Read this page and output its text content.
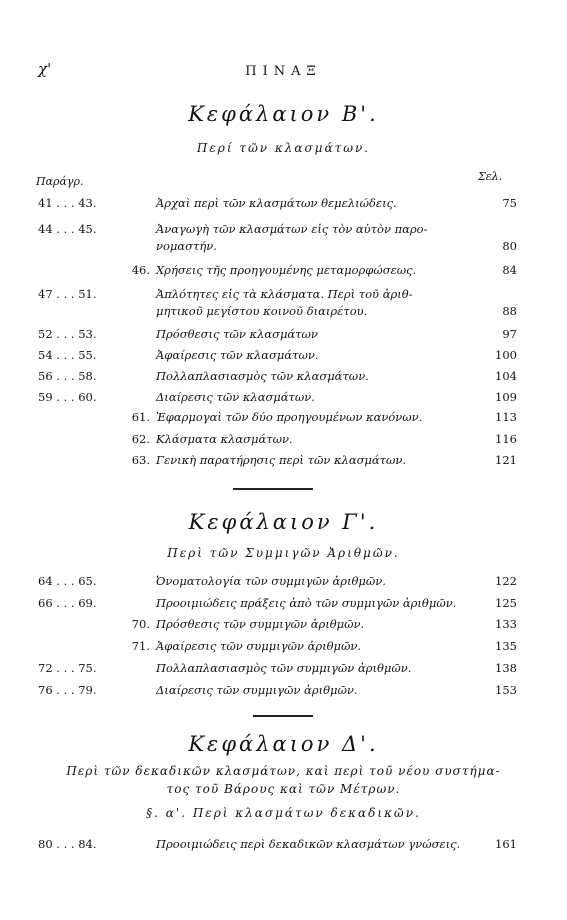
χ'	ΠΙΝΑΞ
Κεφάλαιον Β'.
Περί τῶν κλασμάτων.
Παράγρ.	Σελ.
41 . . . 43.	Ἀρχαὶ περὶ τῶν κλασμάτων θεμελιώδεις.	75
44 . . . 45.	Ἀναγωγὴ τῶν κλασμάτων εἰς τὸν αὐτὸν παρο-
νομαστήν.	80
46. Χρήσεις τῆς προηγουμένης μεταμορφώσεως.	84
47 . . . 51.	Ἀπλότητες εἰς τὰ κλάσματα. Περὶ τοῦ ἀριθ-
μητικοῦ μεγίστου κοινοῦ διαιρέτου.	88
52 . . . 53.	Πρόσθεσις τῶν κλασμάτων	97
54 . . . 55.	Ἀφαίρεσις τῶν κλασμάτων.	100
56 . . . 58.	Πολλαπλασιασμὸς τῶν κλασμάτων.	104
59 . . . 60.	Διαίρεσις τῶν κλασμάτων.	109
61. Ἐφαρμογαὶ τῶν δύο προηγουμένων κανόνων.	113
62. Κλάσματα κλασμάτων.	116
63. Γενικὴ παρατήρησις περὶ τῶν κλασμάτων.	121
Κεφάλαιον Γ'.
Περὶ τῶν Συμμιγῶν Ἀριθμῶν.
64 . . . 65.	Ὀνοματολογία τῶν συμμιγῶν ἀριθμῶν.	122
66 . . . 69.	Προοιμιώδεις πράξεις ἀπὸ τῶν συμμιγῶν ἀριθμῶν.	125
70. Πρόσθεσις τῶν συμμιγῶν ἀριθμῶν.	133
71. Ἀφαίρεσις τῶν συμμιγῶν ἀριθμῶν.	135
72 . . . 75.	Πολλαπλασιασμὸς τῶν συμμιγῶν ἀριθμῶν.	138
76 . . . 79.	Διαίρεσις τῶν συμμιγῶν ἀριθμῶν.	153
Κεφάλαιον Δ'.
Περὶ τῶν δεκαδικῶν κλασμάτων, καὶ περὶ τοῦ νέου συστήμα-
τος τοῦ Βάρους καὶ τῶν Μέτρων.
§. α'. Περὶ κλασμάτων δεκαδικῶν.
80 . . . 84.	Προοιμιώδεις περὶ δεκαδικῶν κλασμάτων γνώσεις.	161
